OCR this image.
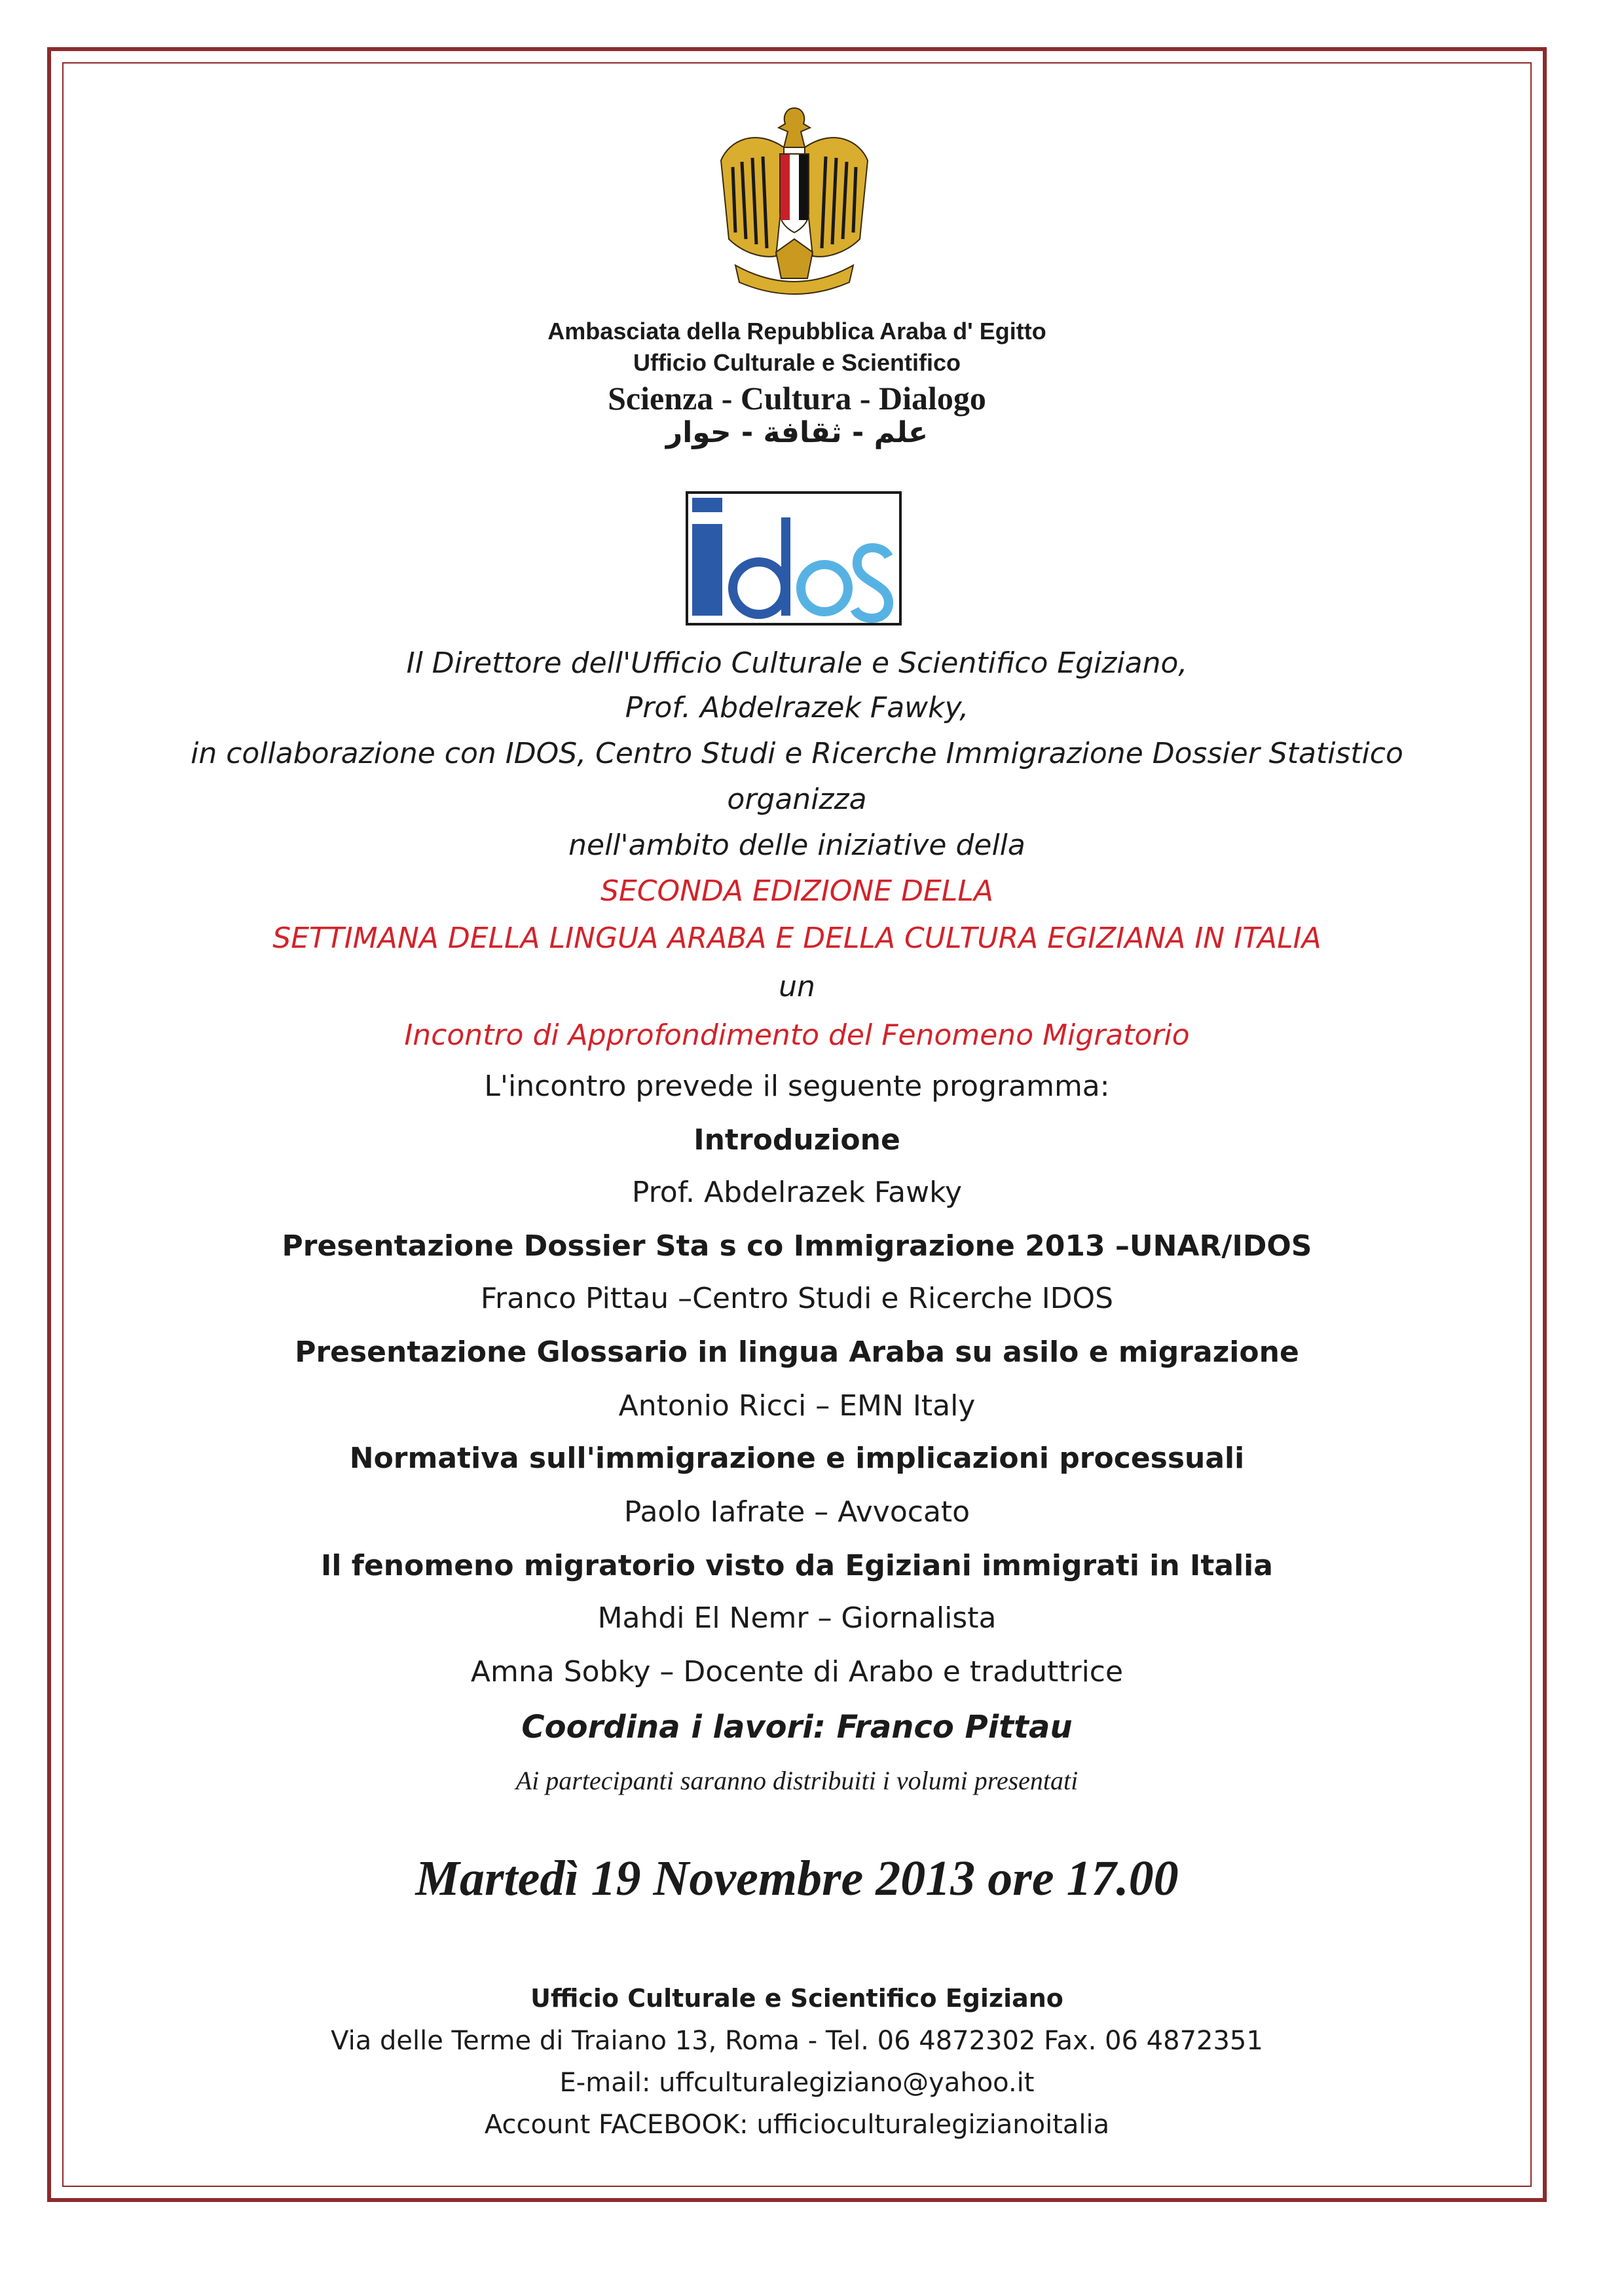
Ambasciata della Repubblica Araba d' Egitto
Ufficio Culturale e Scientifico
Scienza - Cultura - Dialogo
علم - ثقافة - حوار
Il Direttore dell'Ufficio Culturale e Scientifico Egiziano,
Prof. Abdelrazek Fawky,
in collaborazione con IDOS, Centro Studi e Ricerche Immigrazione Dossier Statistico
organizza
nell'ambito delle iniziative della
SECONDA EDIZIONE DELLA
SETTIMANA DELLA LINGUA ARABA E DELLA CULTURA EGIZIANA IN ITALIA
un
Incontro di Approfondimento del Fenomeno Migratorio
L'incontro prevede il seguente programma:
Introduzione
Prof. Abdelrazek Fawky
Presentazione Dossier Sta s co Immigrazione 2013 –UNAR/IDOS
Franco Pittau –Centro Studi e Ricerche IDOS
Presentazione Glossario in lingua Araba su asilo e migrazione
Antonio Ricci – EMN Italy
Normativa sull'immigrazione e implicazioni processuali
Paolo Iafrate – Avvocato
Il fenomeno migratorio visto da Egiziani immigrati in Italia
Mahdi El Nemr – Giornalista
Amna Sobky – Docente di Arabo e traduttrice
Coordina i lavori: Franco Pittau
Ai partecipanti saranno distribuiti i volumi presentati
Martedì 19 Novembre 2013 ore 17.00
Ufficio Culturale e Scientifico Egiziano
Via delle Terme di Traiano 13, Roma - Tel. 06 4872302 Fax. 06 4872351
E-mail: uffculturalegiziano@yahoo.it
Account FACEBOOK: ufficioculturalegizianoitalia
